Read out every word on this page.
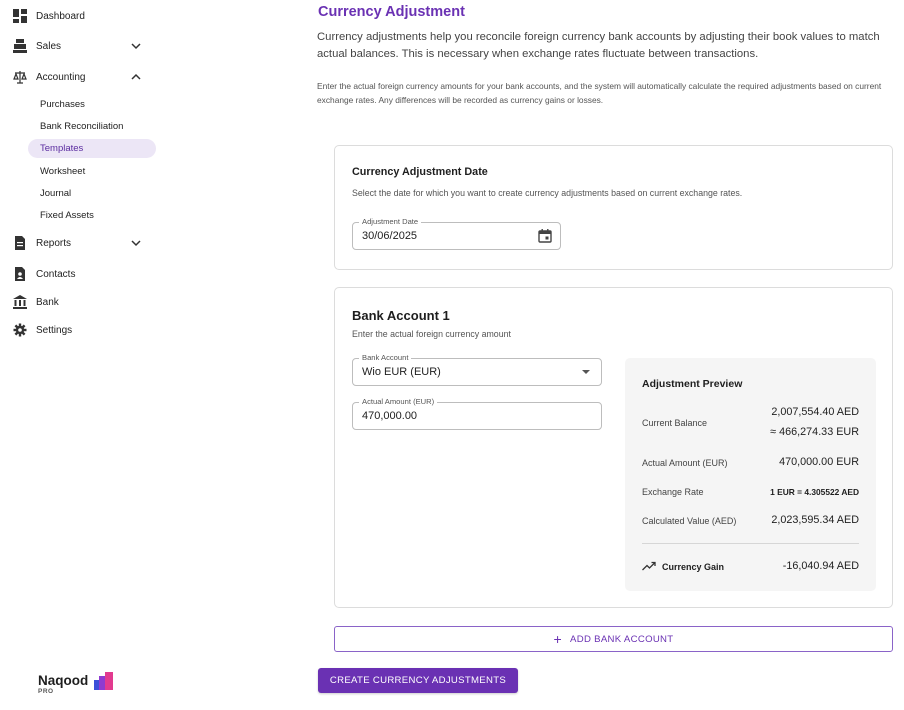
Dashboard
Sales
Accounting
Purchases
Bank Reconciliation
Templates
Worksheet
Journal
Fixed Assets
Reports
Contacts
Bank
Settings
Naqood
PRO
Currency Adjustment
Currency adjustments help you reconcile foreign currency bank accounts by adjusting their book values to match actual balances. This is necessary when exchange rates fluctuate between transactions.
Enter the actual foreign currency amounts for your bank accounts, and the system will automatically calculate the required adjustments based on current exchange rates. Any differences will be recorded as currency gains or losses.
Currency Adjustment Date
Select the date for which you want to create currency adjustments based on current exchange rates.
Adjustment Date
30/06/2025
Bank Account 1
Enter the actual foreign currency amount
Bank Account
Wio EUR (EUR)
Actual Amount (EUR)
470,000.00
Adjustment Preview
Current Balance
2,007,554.40 AED
≈ 466,274.33 EUR
Actual Amount (EUR)	470,000.00 EUR
Exchange Rate	1 EUR = 4.305522 AED
Calculated Value (AED)	2,023,595.34 AED
Currency Gain	-16,040.94 AED
+ ADD BANK ACCOUNT
CREATE CURRENCY ADJUSTMENTS
